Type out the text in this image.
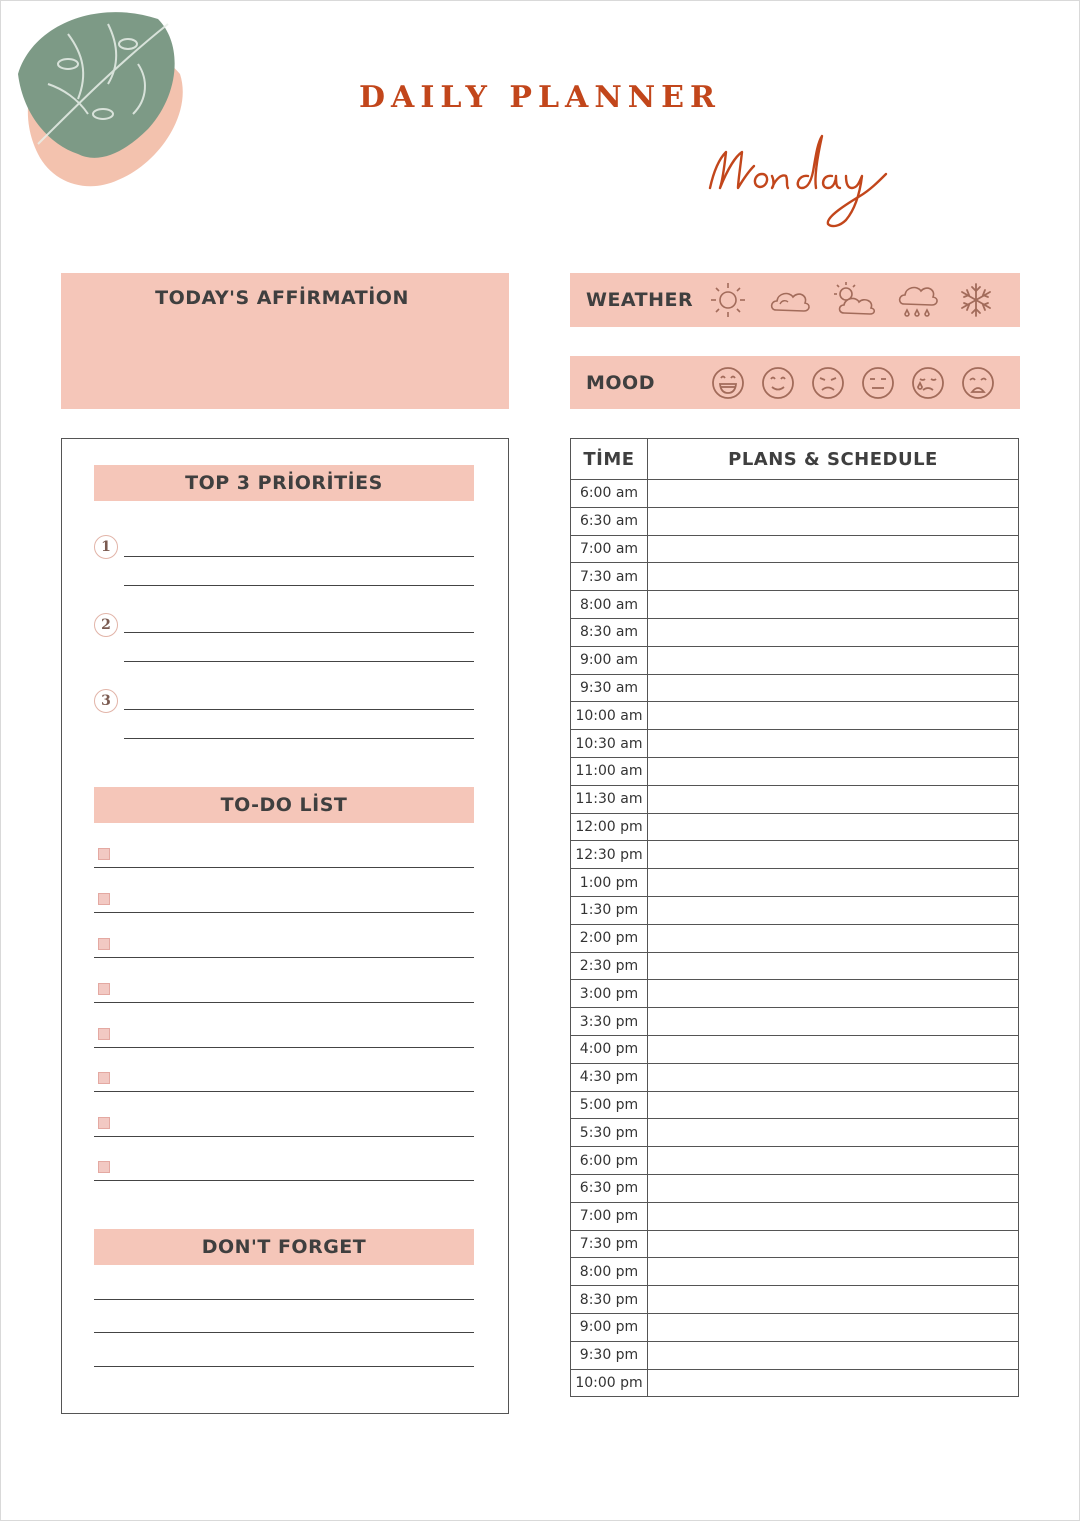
DAILY PLANNER
TODAY'S AFFİRMATİON	WEATHER
MOOD
TOP 3 PRİORİTİES
1
2
3
TO-DO LİST
DON'T FORGET
TİME	PLANS & SCHEDULE
6:00 am	
6:30 am	
7:00 am	
7:30 am	
8:00 am	
8:30 am	
9:00 am	
9:30 am	
10:00 am	
10:30 am	
11:00 am	
11:30 am	
12:00 pm	
12:30 pm	
1:00 pm	
1:30 pm	
2:00 pm	
2:30 pm	
3:00 pm	
3:30 pm	
4:00 pm	
4:30 pm	
5:00 pm	
5:30 pm	
6:00 pm	
6:30 pm	
7:00 pm	
7:30 pm	
8:00 pm	
8:30 pm	
9:00 pm	
9:30 pm	
10:00 pm	
